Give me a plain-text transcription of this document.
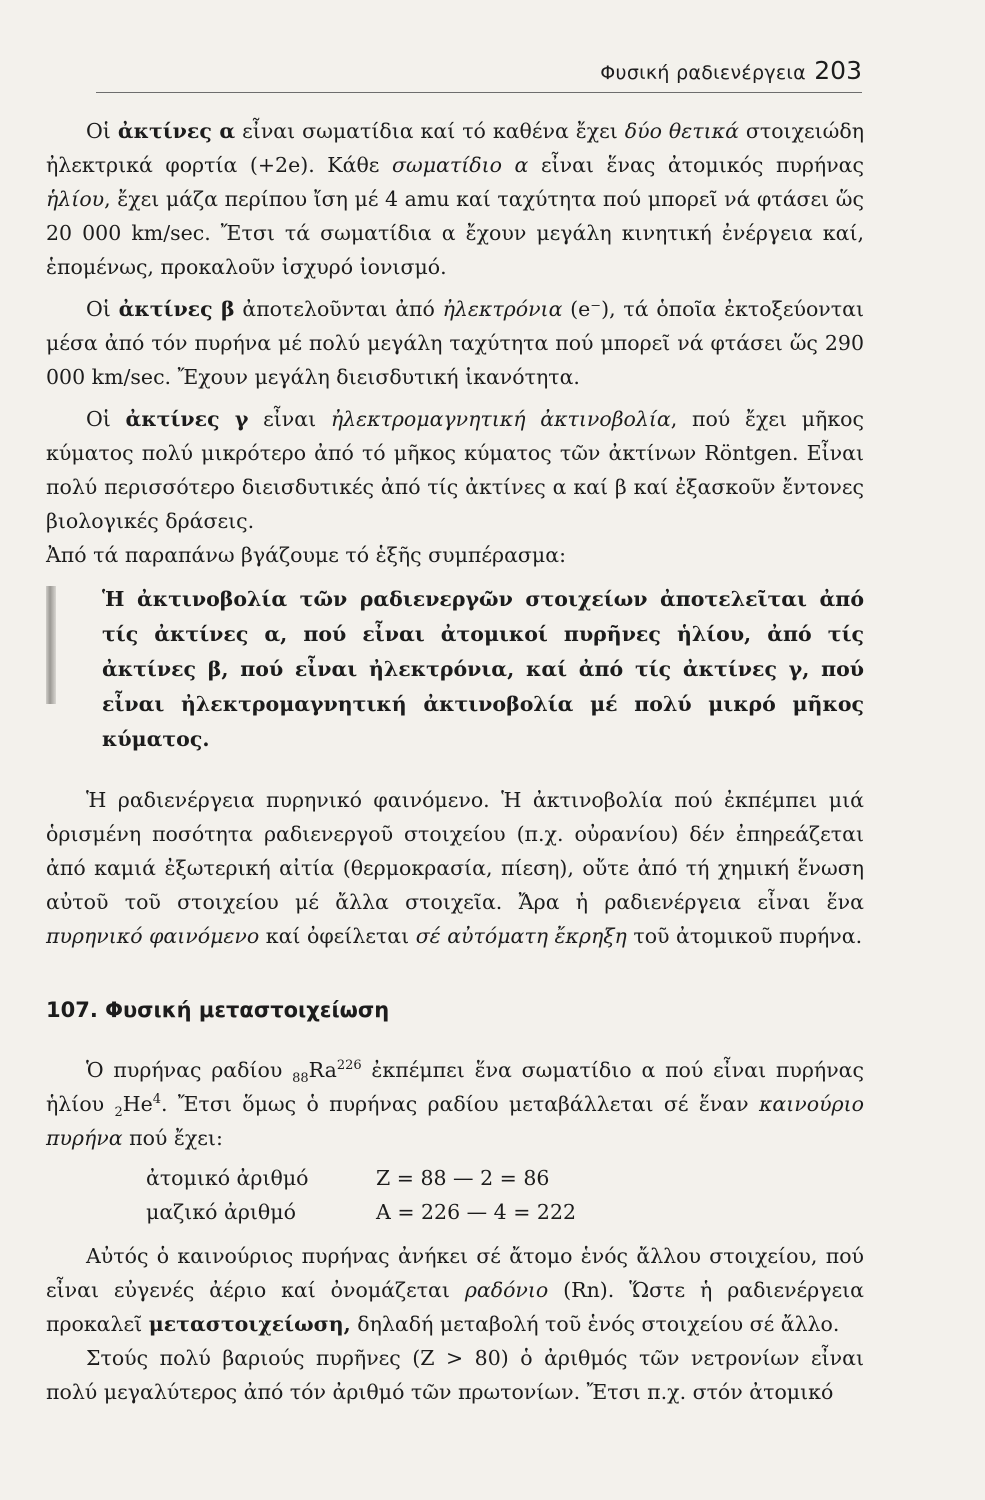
Φυσική ραδιενέργεια 203

Οἱ ἀκτίνες α εἶναι σωματίδια καί τό καθένα ἔχει δύο θετικά στοιχειώδη ἠλεκτρικά φορτία (+2e). Κάθε σωματίδιο α εἶναι ἕνας ἀτομικός πυρήνας ἡλίου, ἔχει μάζα περίπου ἴση μέ 4 amu καί ταχύτητα πού μπορεῖ νά φτάσει ὥς 20 000 km/sec. Ἔτσι τά σωματίδια α ἔχουν μεγάλη κινητική ἐνέργεια καί, ἑπομένως, προκαλοῦν ἰσχυρό ἰονισμό.

Οἱ ἀκτίνες β ἀποτελοῦνται ἀπό ἠλεκτρόνια (e⁻), τά ὁποῖα ἐκτοξεύονται μέσα ἀπό τόν πυρήνα μέ πολύ μεγάλη ταχύτητα πού μπορεῖ νά φτάσει ὥς 290 000 km/sec. Ἔχουν μεγάλη διεισδυτική ἱκανότητα.

Οἱ ἀκτίνες γ εἶναι ἠλεκτρομαγνητική ἀκτινοβολία, πού ἔχει μῆκος κύματος πολύ μικρότερο ἀπό τό μῆκος κύματος τῶν ἀκτίνων Röntgen. Εἶναι πολύ περισσότερο διεισδυτικές ἀπό τίς ἀκτίνες α καί β καί ἐξασκοῦν ἔντονες βιολογικές δράσεις.

Ἀπό τά παραπάνω βγάζουμε τό ἑξῆς συμπέρασμα:

Ἡ ἀκτινοβολία τῶν ραδιενεργῶν στοιχείων ἀποτελεῖται ἀπό τίς ἀκτίνες α, πού εἶναι ἀτομικοί πυρῆνες ἡλίου, ἀπό τίς ἀκτίνες β, πού εἶναι ἠλεκτρόνια, καί ἀπό τίς ἀκτίνες γ, πού εἶναι ἠλεκτρομαγνητική ἀκτινοβολία μέ πολύ μικρό μῆκος κύματος.

Ἡ ραδιενέργεια πυρηνικό φαινόμενο. Ἡ ἀκτινοβολία πού ἐκπέμπει μιά ὁρισμένη ποσότητα ραδιενεργοῦ στοιχείου (π.χ. οὐρανίου) δέν ἐπηρεάζεται ἀπό καμιά ἐξωτερική αἰτία (θερμοκρασία, πίεση), οὔτε ἀπό τή χημική ἕνωση αὐτοῦ τοῦ στοιχείου μέ ἄλλα στοιχεῖα. Ἄρα ἡ ραδιενέργεια εἶναι ἕνα πυρηνικό φαινόμενο καί ὀφείλεται σέ αὐτόματη ἔκρηξη τοῦ ἀτομικοῦ πυρήνα.

107. Φυσική μεταστοιχείωση

Ὁ πυρήνας ραδίου $_{88}Ra^{226}$ ἐκπέμπει ἕνα σωματίδιο α πού εἶναι πυρήνας ἡλίου $_2He^4$. Ἔτσι ὅμως ὁ πυρήνας ραδίου μεταβάλλεται σέ ἕναν καινούριο πυρήνα πού ἔχει:

ἀτομικό ἀριθμό	Z = 88 — 2 = 86
μαζικό ἀριθμό	A = 226 — 4 = 222

Αὐτός ὁ καινούριος πυρήνας ἀνήκει σέ ἄτομο ἑνός ἄλλου στοιχείου, πού εἶναι εὐγενές ἀέριο καί ὀνομάζεται ραδόνιο (Rn). Ὥστε ἡ ραδιενέργεια προκαλεῖ μεταστοιχείωση, δηλαδή μεταβολή τοῦ ἑνός στοιχείου σέ ἄλλο.

Στούς πολύ βαριούς πυρῆνες (Z > 80) ὁ ἀριθμός τῶν νετρονίων εἶναι πολύ μεγαλύτερος ἀπό τόν ἀριθμό τῶν πρωτονίων. Ἔτσι π.χ. στόν ἀτομικό
